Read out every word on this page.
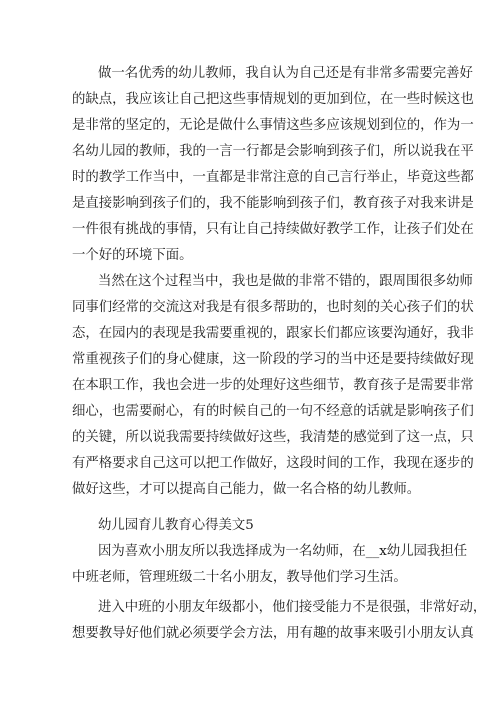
做一名优秀的幼儿教师，我自认为自己还是有非常多需要完善好
的缺点，我应该让自己把这些事情规划的更加到位，在一些时候这也
是非常的坚定的，无论是做什么事情这些多应该规划到位的，作为一
名幼儿园的教师，我的一言一行都是会影响到孩子们，所以说我在平
时的教学工作当中，一直都是非常注意的自己言行举止，毕竟这些都
是直接影响到孩子们的，我不能影响到孩子们，教育孩子对我来讲是
一件很有挑战的事情，只有让自己持续做好教学工作，让孩子们处在
一个好的环境下面。
当然在这个过程当中，我也是做的非常不错的，跟周围很多幼师
同事们经常的交流这对我是有很多帮助的，也时刻的关心孩子们的状
态，在园内的表现是我需要重视的，跟家长们都应该要沟通好，我非
常重视孩子们的身心健康，这一阶段的学习的当中还是要持续做好现
在本职工作，我也会进一步的处理好这些细节，教育孩子是需要非常
细心，也需要耐心，有的时候自己的一句不经意的话就是影响孩子们
的关键，所以说我需要持续做好这些，我清楚的感觉到了这一点，只
有严格要求自己这可以把工作做好，这段时间的工作，我现在逐步的
做好这些，才可以提高自己能力，做一名合格的幼儿教师。
幼儿园育儿教育心得美文5
因为喜欢小朋友所以我选择成为一名幼师，在__x幼儿园我担任
中班老师，管理班级二十名小朋友，教导他们学习生活。
进入中班的小朋友年级都小，他们接受能力不是很强，非常好动，
想要教导好他们就必须要学会方法，用有趣的故事来吸引小朋友认真
